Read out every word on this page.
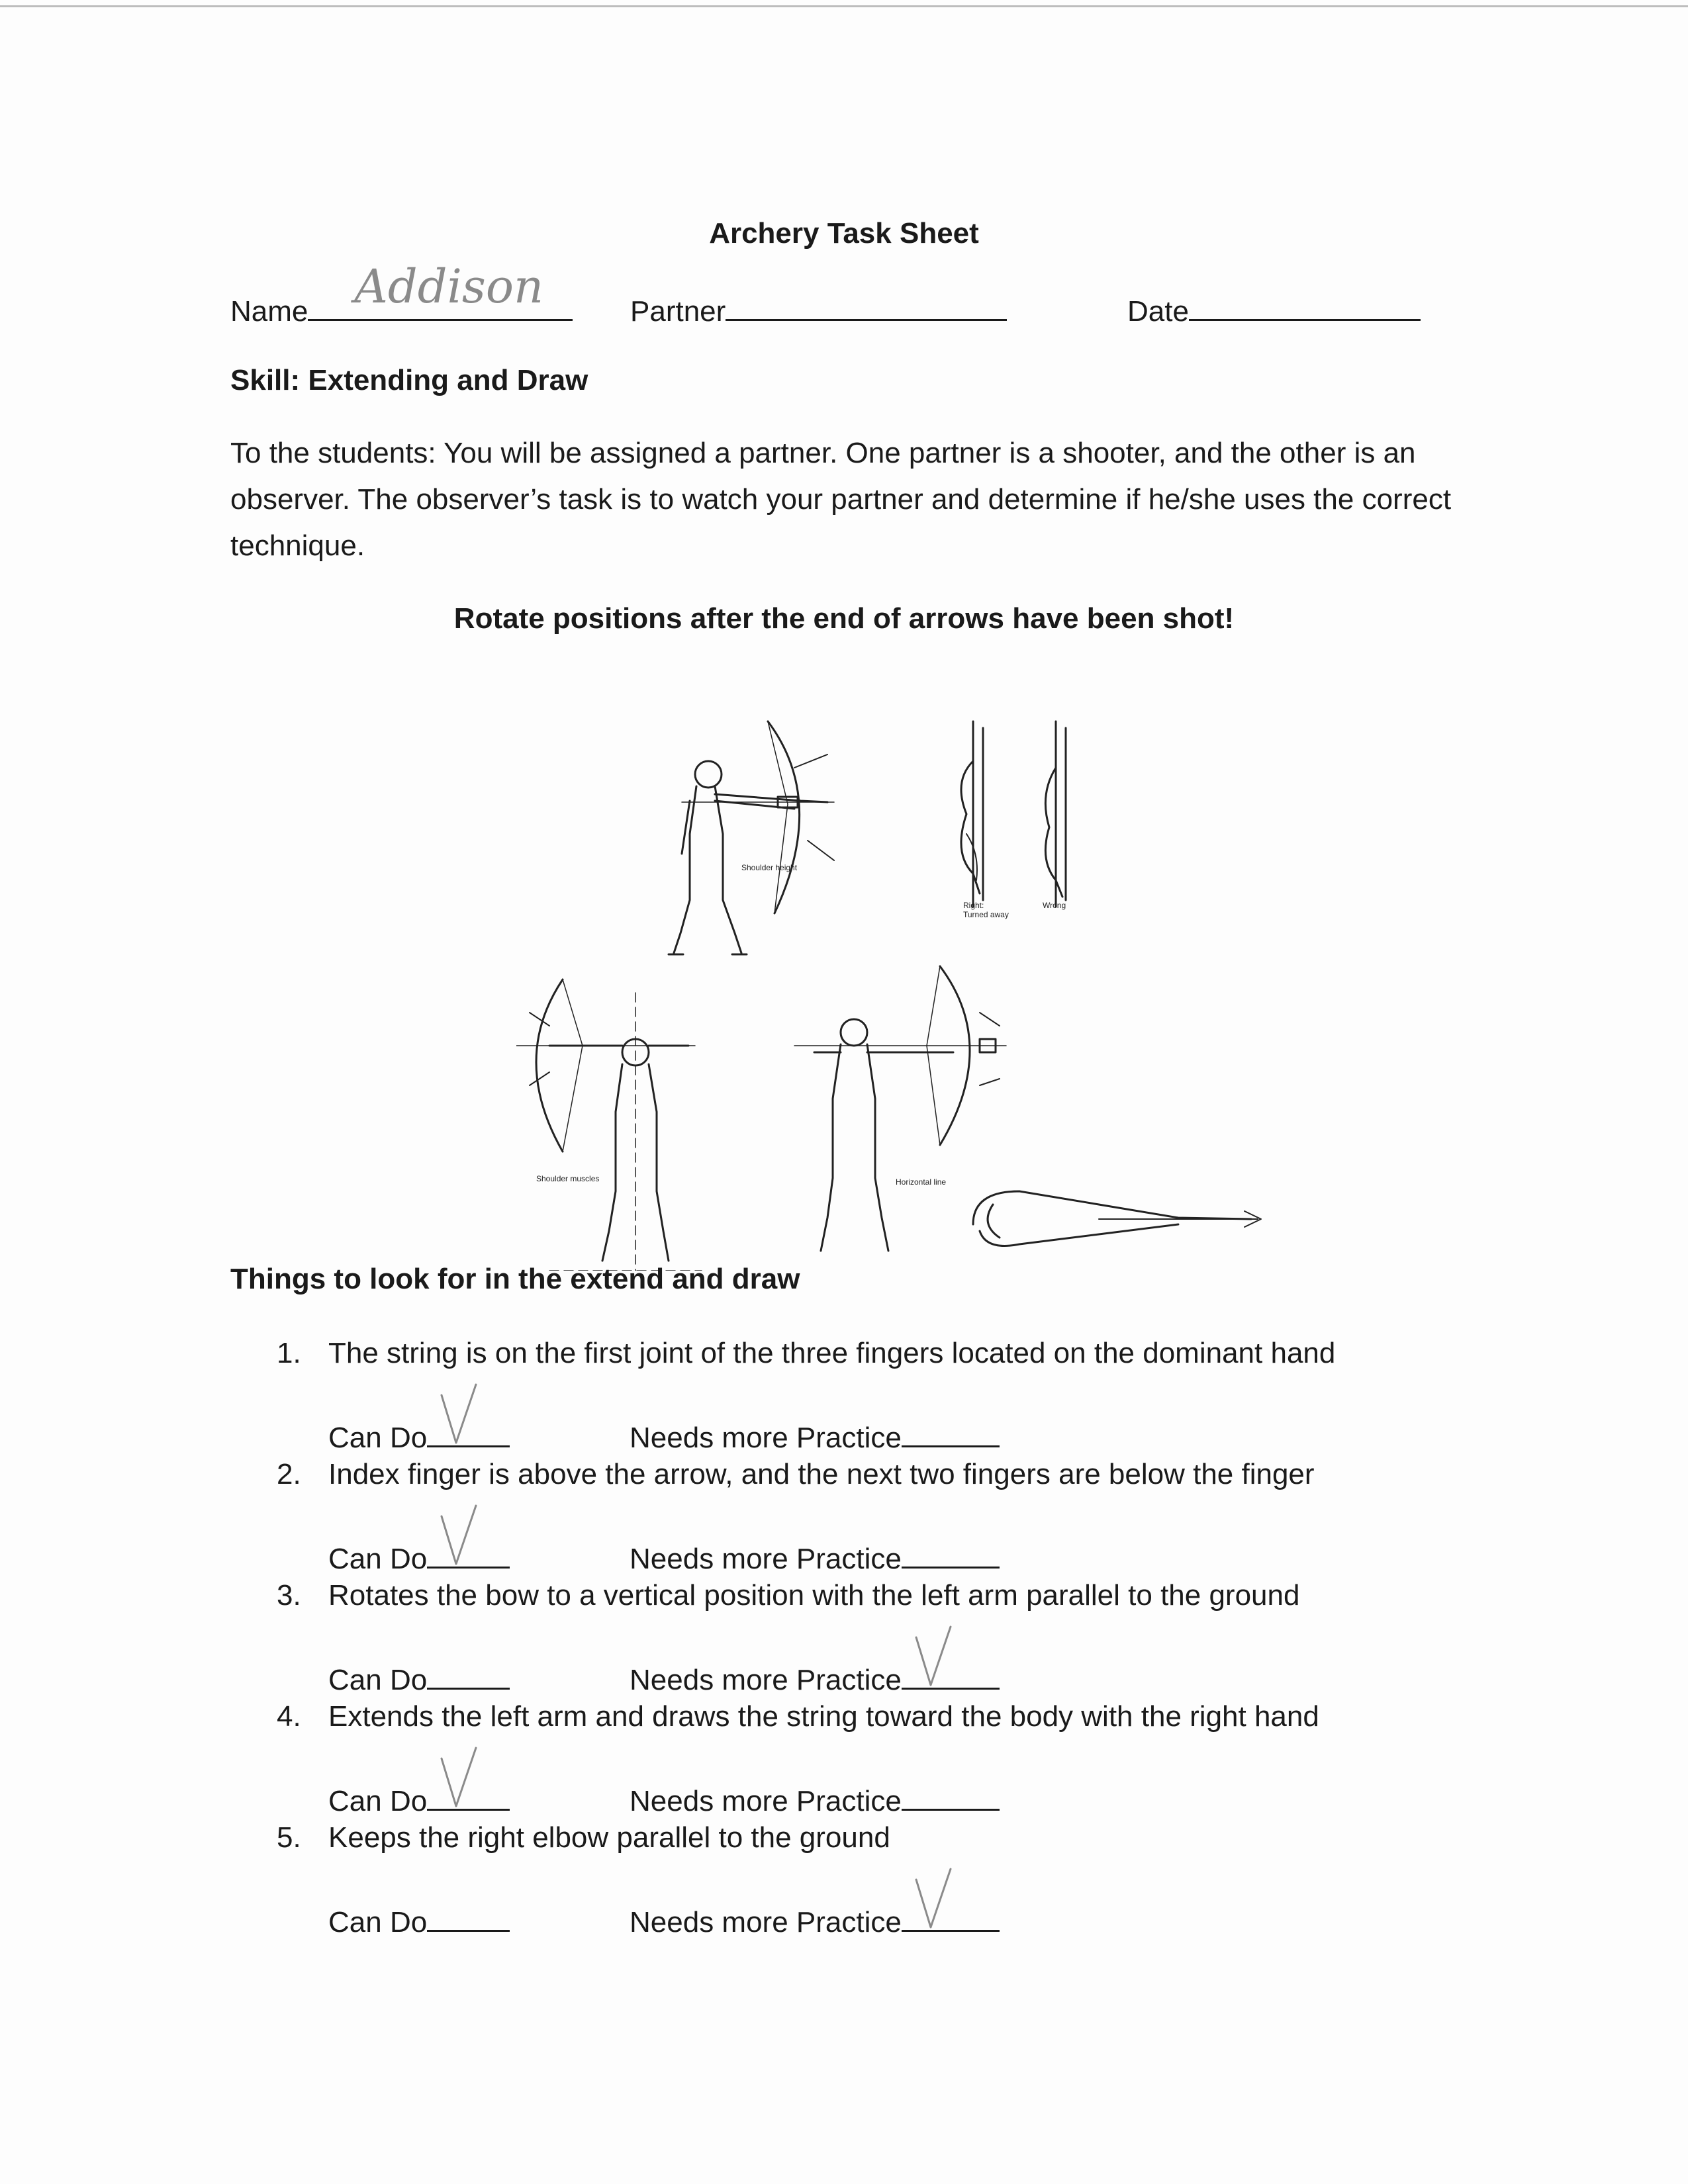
Archery Task Sheet
Name Addison	Partner	Date
Skill: Extending and Draw
To the students: You will be assigned a partner. One partner is a shooter, and the other is an observer. The observer’s task is to watch your partner and determine if he/she uses the correct technique.
Rotate positions after the end of arrows have been shot!
Shoulder height
Right:
Turned away
Wrong
Shoulder muscles	Horizontal line
Things to look for in the extend and draw
1. The string is on the first joint of the three fingers located on the dominant hand
Can Do	Needs more Practice
2. Index finger is above the arrow, and the next two fingers are below the finger
Can Do	Needs more Practice
3. Rotates the bow to a vertical position with the left arm parallel to the ground
Can Do	Needs more Practice
4. Extends the left arm and draws the string toward the body with the right hand
Can Do	Needs more Practice
5. Keeps the right elbow parallel to the ground
Can Do	Needs more Practice
